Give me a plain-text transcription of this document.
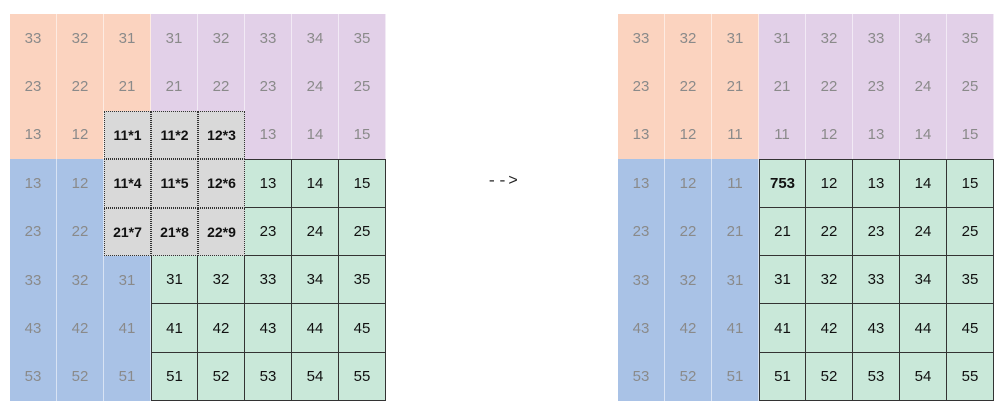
33	32	31	31	32	33	34	35
23	22	21	21	22	23	24	25
13	12	11*1	11*2	12*3	13	14	15
13	12	11*4	11*5	12*6	13	14	15
23	22	21*7	21*8	22*9	23	24	25
33	32	31	31	32	33	34	35
43	42	41	41	42	43	44	45
53	52	51	51	52	53	54	55
-->
33	32	31	31	32	33	34	35
23	22	21	21	22	23	24	25
13	12	11	11	12	13	14	15
13	12	11	753	12	13	14	15
23	22	21	21	22	23	24	25
33	32	31	31	32	33	34	35
43	42	41	41	42	43	44	45
53	52	51	51	52	53	54	55
